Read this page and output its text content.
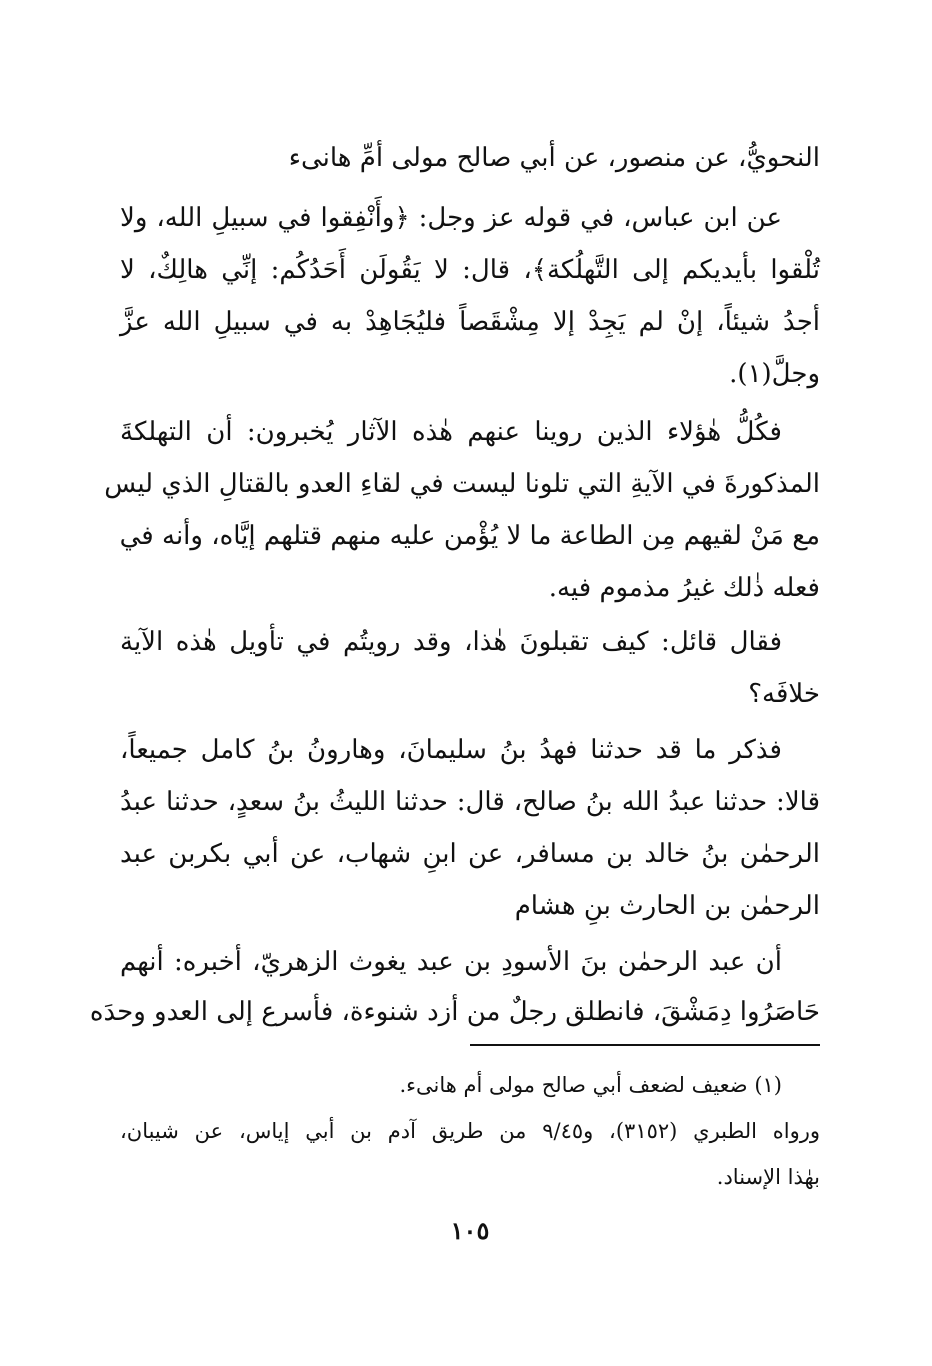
النحويُّ، عن منصور، عن أبي صالح مولى أمِّ هانىء
عن ابن عباس، في قوله عز وجل: ﴿وأَنْفِقوا في سبيلِ الله، ولا
تُلْقوا بأيديكم إلى التَّهلُكة﴾، قال: لا يَقُولَن أَحَدُكُم: إنِّي هالِكٌ، لا
أجدُ شيئاً، إنْ لم يَجِدْ إلا مِشْقَصاً فليُجَاهِدْ به في سبيلِ الله عزَّ
وجلَّ(١).
فكُلُّ هٰؤلاء الذين روينا عنهم هٰذه الآثار يُخبرون: أن التهلكةَ
المذكورةَ في الآيةِ التي تلونا ليست في لقاءِ العدو بالقتالِ الذي ليس
مع مَنْ لقيهم مِن الطاعة ما لا يُؤْمن عليه منهم قتلهم إيَّاه، وأنه في
فعله ذٰلك غيرُ مذموم فيه.
فقال قائل: كيف تقبلونَ هٰذا، وقد رويتُم في تأويل هٰذه الآية
خلافَه؟
فذكر ما قد حدثنا فهدُ بنُ سليمانَ، وهارونُ بنُ كامل جميعاً،
قالا: حدثنا عبدُ الله بنُ صالح، قال: حدثنا الليثُ بنُ سعدٍ، حدثنا عبدُ
الرحمٰن بنُ خالد بن مسافر، عن ابنِ شهاب، عن أبي بكربن عبد
الرحمٰن بن الحارث بنِ هشام
أن عبد الرحمٰن بنَ الأسودِ بن عبد يغوث الزهريّ، أخبره: أنهم
حَاصَرُوا دِمَشْقَ، فانطلق رجلٌ من أزد شنوءة، فأسرع إلى العدو وحدَه
(١) ضعيف لضعف أبي صالح مولى أم هانىء.
ورواه الطبري (٣١٥٢)، و٩/٤٥ من طريق آدم بن أبي إياس، عن شيبان،
بهٰذا الإسناد.
١٠٥
